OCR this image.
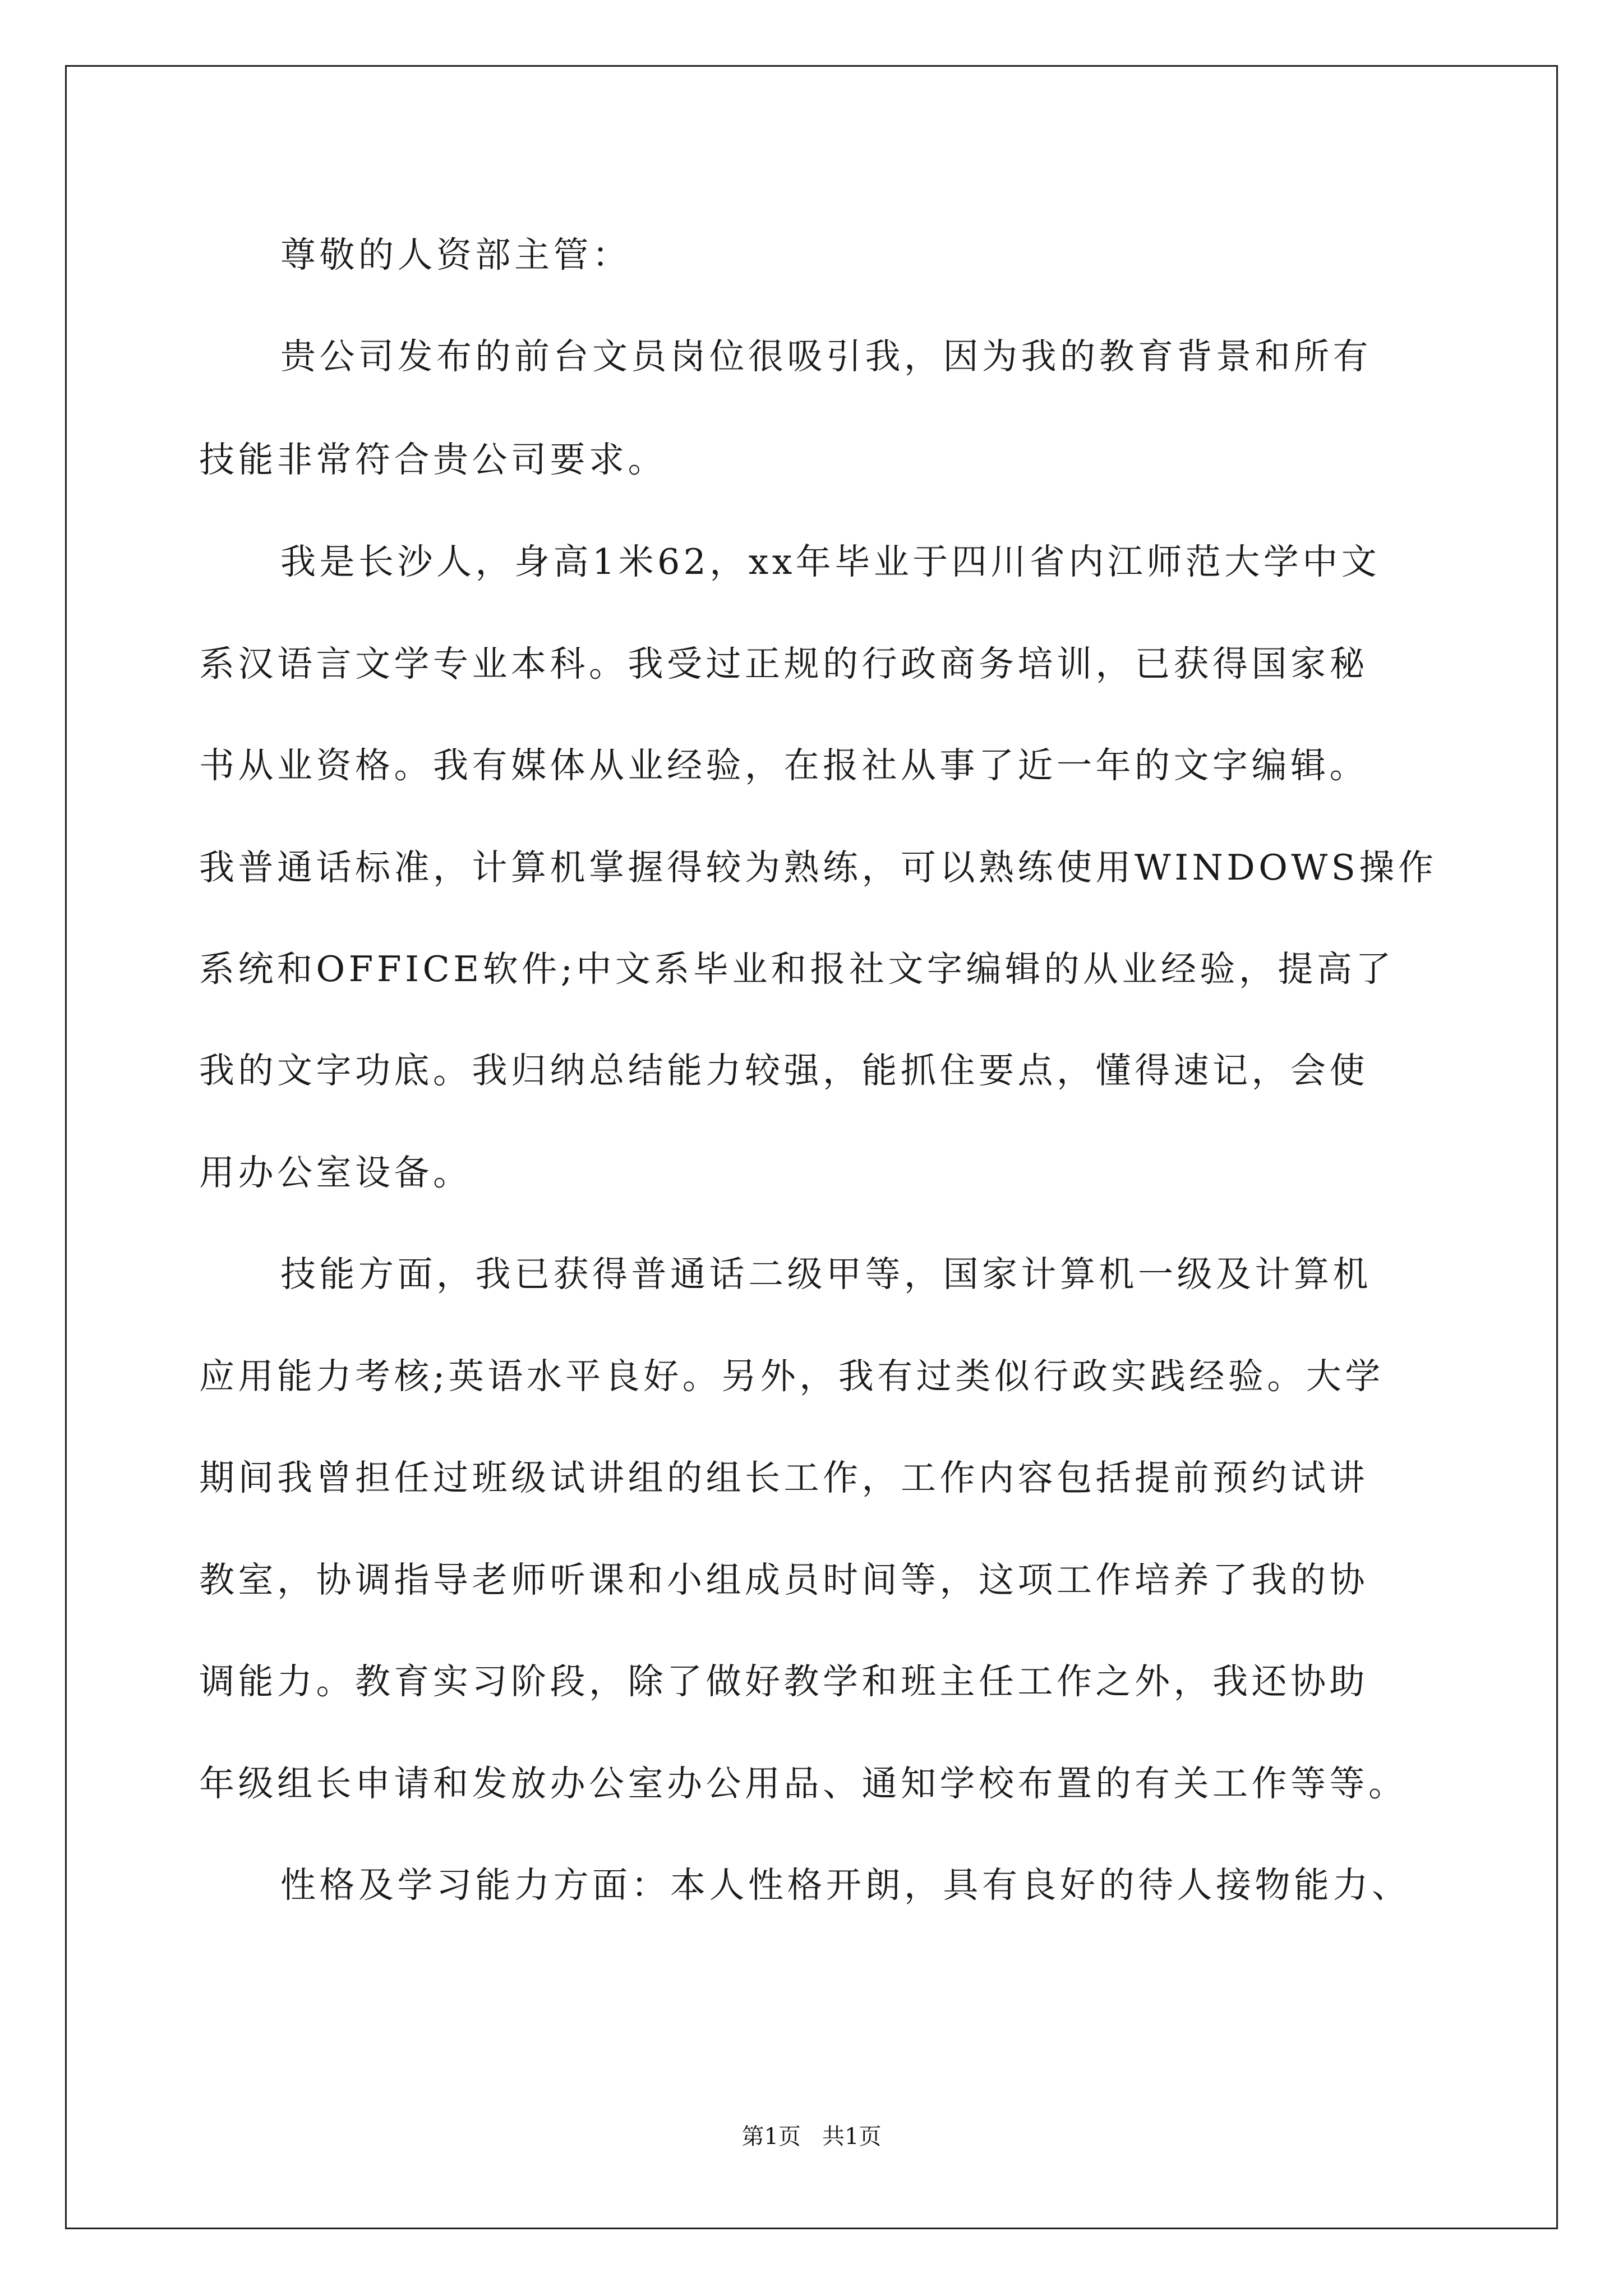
尊敬的人资部主管：
贵公司发布的前台文员岗位很吸引我，因为我的教育背景和所有
技能非常符合贵公司要求。
我是长沙人，身高1米62，xx年毕业于四川省内江师范大学中文
系汉语言文学专业本科。我受过正规的行政商务培训，已获得国家秘
书从业资格。我有媒体从业经验，在报社从事了近一年的文字编辑。
我普通话标准，计算机掌握得较为熟练，可以熟练使用WINDOWS操作
系统和OFFICE软件;中文系毕业和报社文字编辑的从业经验，提高了
我的文字功底。我归纳总结能力较强，能抓住要点，懂得速记，会使
用办公室设备。
技能方面，我已获得普通话二级甲等，国家计算机一级及计算机
应用能力考核;英语水平良好。另外，我有过类似行政实践经验。大学
期间我曾担任过班级试讲组的组长工作，工作内容包括提前预约试讲
教室，协调指导老师听课和小组成员时间等，这项工作培养了我的协
调能力。教育实习阶段，除了做好教学和班主任工作之外，我还协助
年级组长申请和发放办公室办公用品、通知学校布置的有关工作等等。
性格及学习能力方面：本人性格开朗，具有良好的待人接物能力、
第1页   共1页
